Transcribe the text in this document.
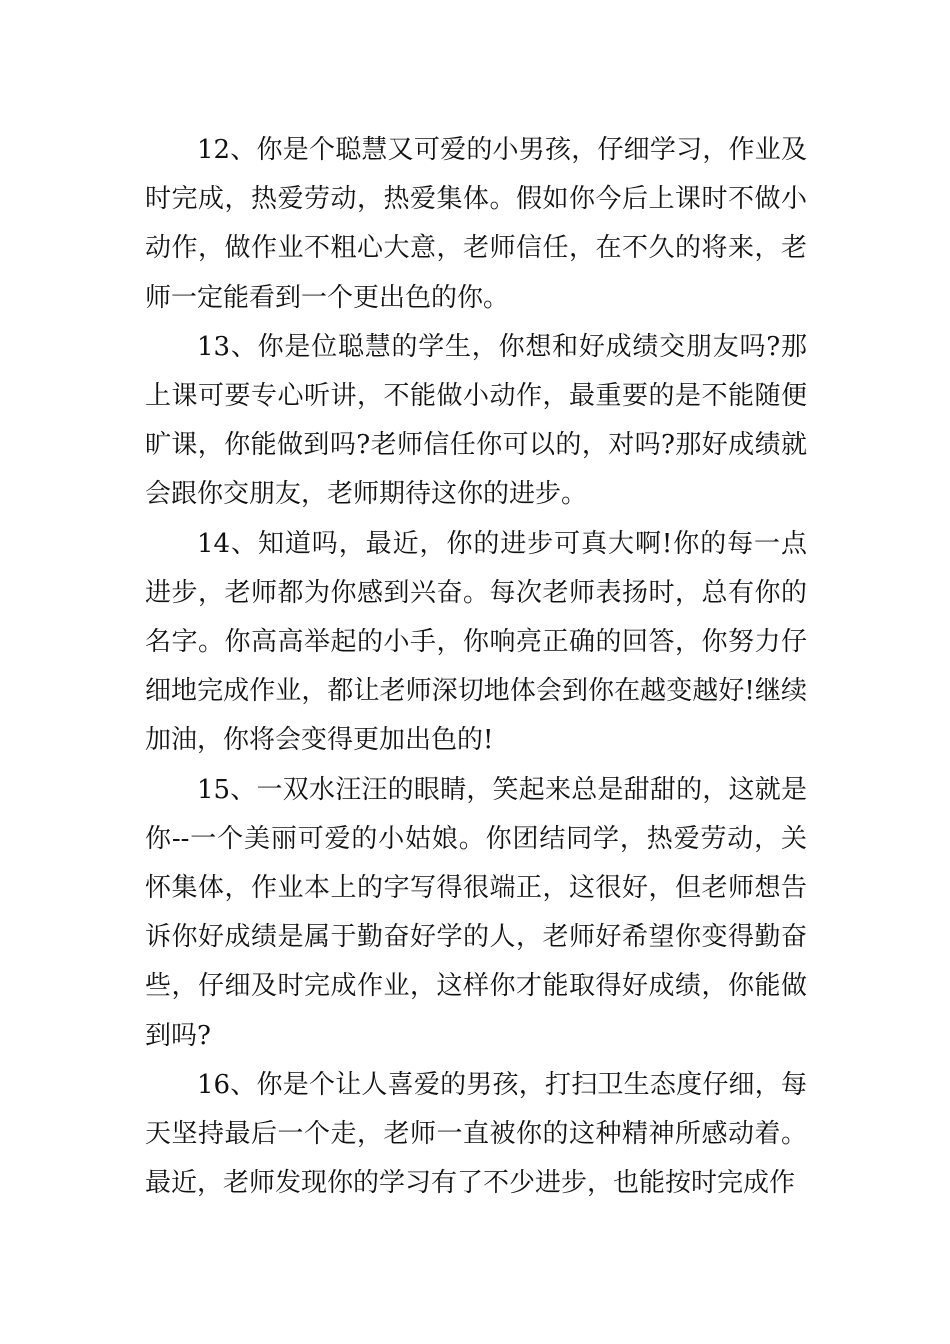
12、你是个聪慧又可爱的小男孩，仔细学习，作业及时完成，热爱劳动，热爱集体。假如你今后上课时不做小动作，做作业不粗心大意，老师信任，在不久的将来，老师一定能看到一个更出色的你。

13、你是位聪慧的学生，你想和好成绩交朋友吗?那上课可要专心听讲，不能做小动作，最重要的是不能随便旷课，你能做到吗?老师信任你可以的，对吗?那好成绩就会跟你交朋友，老师期待这你的进步。

14、知道吗，最近，你的进步可真大啊!你的每一点进步，老师都为你感到兴奋。每次老师表扬时，总有你的名字。你高高举起的小手，你响亮正确的回答，你努力仔细地完成作业，都让老师深切地体会到你在越变越好!继续加油，你将会变得更加出色的!

15、一双水汪汪的眼睛，笑起来总是甜甜的，这就是你--一个美丽可爱的小姑娘。你团结同学，热爱劳动，关怀集体，作业本上的字写得很端正，这很好，但老师想告诉你好成绩是属于勤奋好学的人，老师好希望你变得勤奋些，仔细及时完成作业，这样你才能取得好成绩，你能做到吗?

16、你是个让人喜爱的男孩，打扫卫生态度仔细，每天坚持最后一个走，老师一直被你的这种精神所感动着。最近，老师发现你的学习有了不少进步，也能按时完成作
